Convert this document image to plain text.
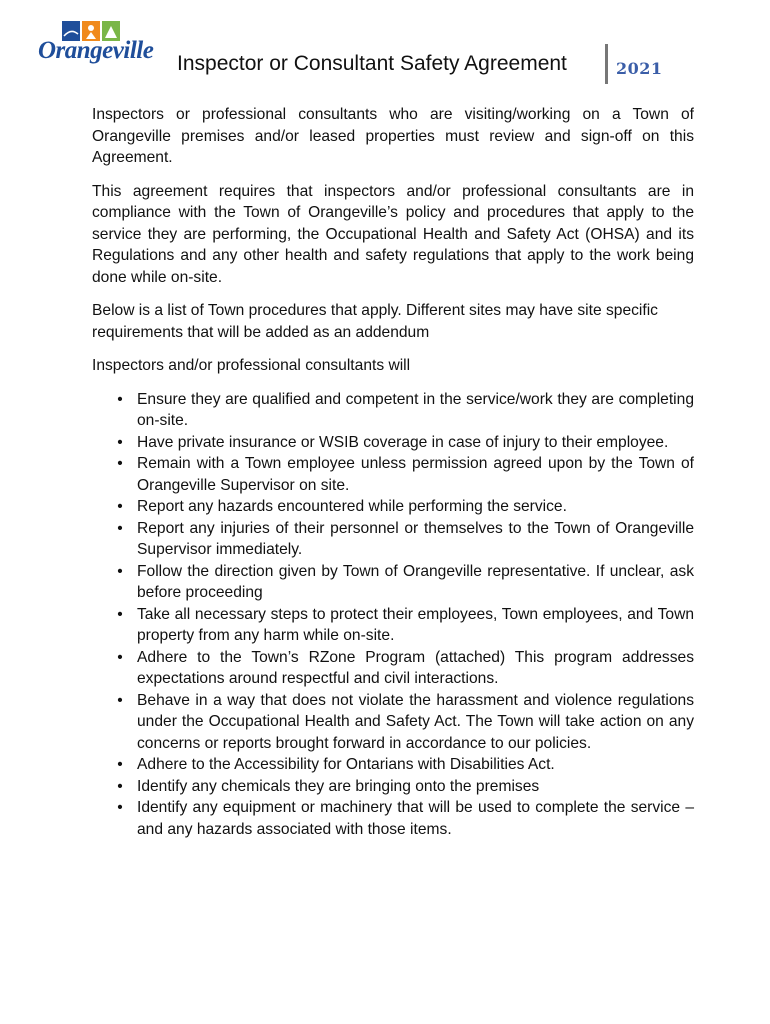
Orangeville Inspector or Consultant Safety Agreement	2021

Inspectors or professional consultants who are visiting/working on a Town of Orangeville premises and/or leased properties must review and sign-off on this Agreement.

This agreement requires that inspectors and/or professional consultants are in compliance with the Town of Orangeville’s policy and procedures that apply to the service they are performing, the Occupational Health and Safety Act (OHSA) and its Regulations and any other health and safety regulations that apply to the work being done while on-site.

Below is a list of Town procedures that apply. Different sites may have site specific requirements that will be added as an addendum

Inspectors and/or professional consultants will

• Ensure they are qualified and competent in the service/work they are completing on-site.
• Have private insurance or WSIB coverage in case of injury to their employee.
• Remain with a Town employee unless permission agreed upon by the Town of Orangeville Supervisor on site.
• Report any hazards encountered while performing the service.
• Report any injuries of their personnel or themselves to the Town of Orangeville Supervisor immediately.
• Follow the direction given by Town of Orangeville representative. If unclear, ask before proceeding
• Take all necessary steps to protect their employees, Town employees, and Town property from any harm while on-site.
• Adhere to the Town’s RZone Program (attached) This program addresses expectations around respectful and civil interactions.
• Behave in a way that does not violate the harassment and violence regulations under the Occupational Health and Safety Act. The Town will take action on any concerns or reports brought forward in accordance to our policies.
• Adhere to the Accessibility for Ontarians with Disabilities Act.
• Identify any chemicals they are bringing onto the premises
• Identify any equipment or machinery that will be used to complete the service – and any hazards associated with those items.
